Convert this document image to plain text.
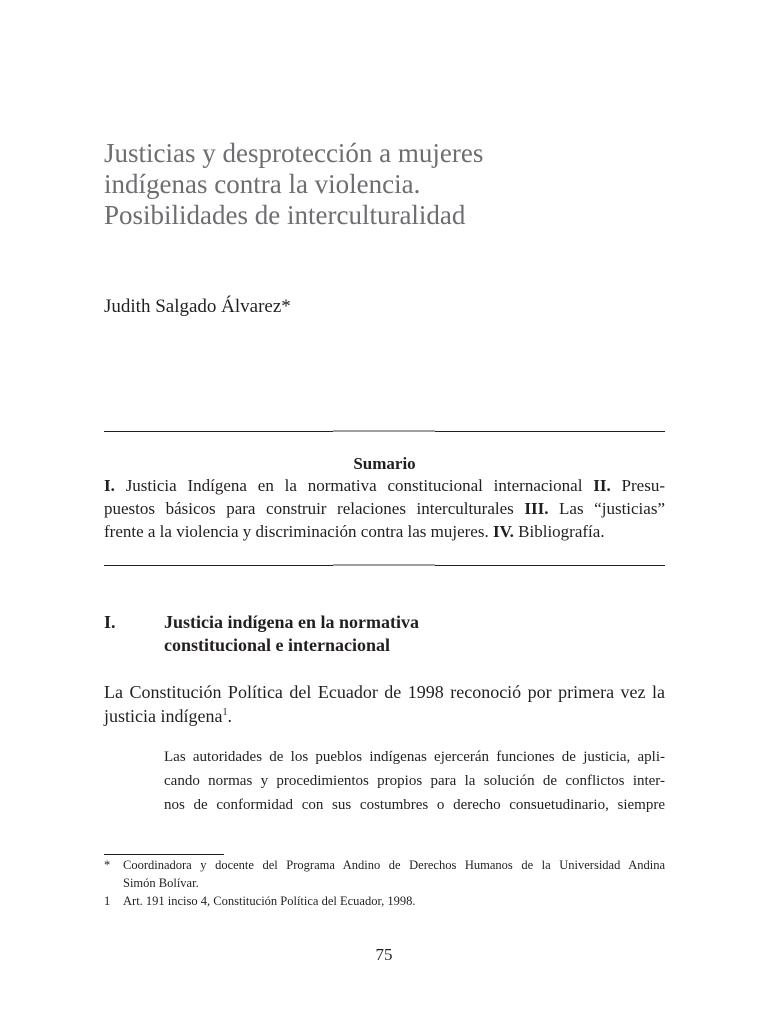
Justicias y desprotección a mujeres
indígenas contra la violencia.
Posibilidades de interculturalidad
Judith Salgado Álvarez*
Sumario
I. Justicia Indígena en la normativa constitucional internacional II. Presu-
puestos básicos para construir relaciones interculturales III. Las “justicias”
frente a la violencia y discriminación contra las mujeres. IV. Bibliografía.
I.	Justicia indígena en la normativa
constitucional e internacional
La Constitución Política del Ecuador de 1998 reconoció por primera vez la
justicia indígena$^1$.
Las autoridades de los pueblos indígenas ejercerán funciones de justicia, apli-
cando normas y procedimientos propios para la solución de conflictos inter-
nos de conformidad con sus costumbres o derecho consuetudinario, siempre
* Coordinadora y docente del Programa Andino de Derechos Humanos de la Universidad Andina
Simón Bolívar.
1 Art. 191 inciso 4, Constitución Política del Ecuador, 1998.
75
